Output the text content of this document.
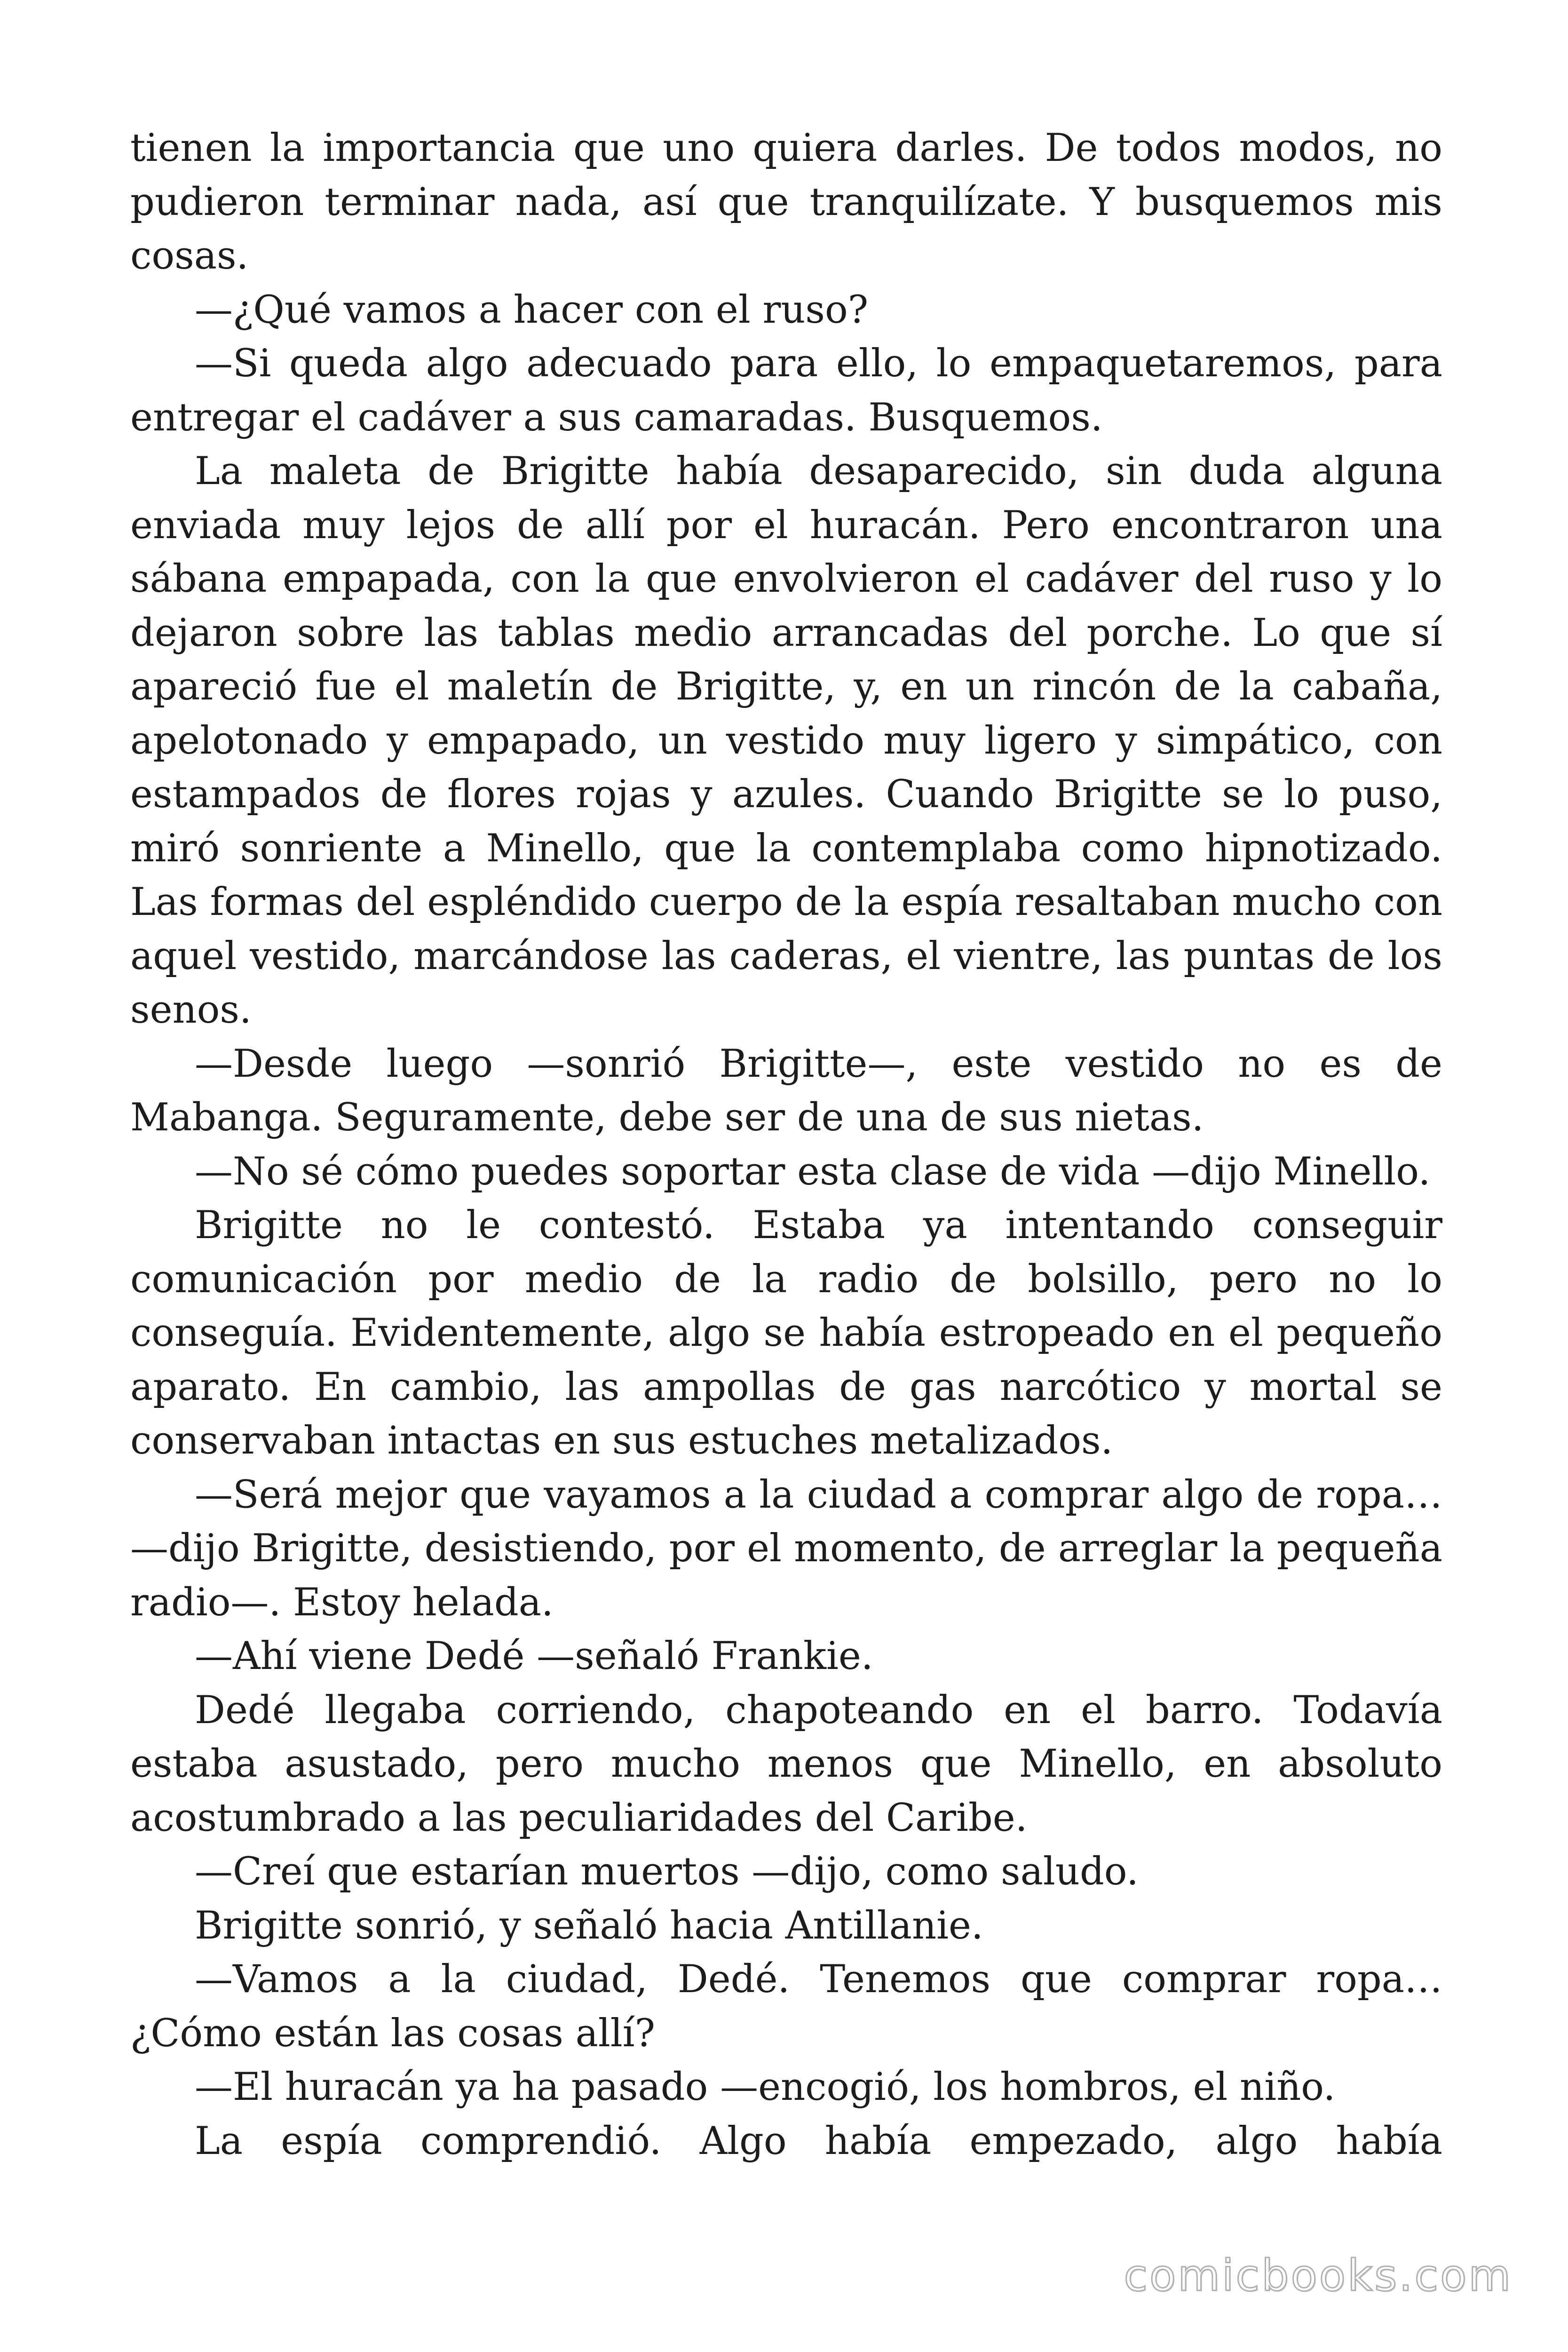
tienen la importancia que uno quiera darles. De todos modos, no pudieron terminar nada, así que tranquilízate. Y busquemos mis cosas.

—¿Qué vamos a hacer con el ruso?

—Si queda algo adecuado para ello, lo empaquetaremos, para entregar el cadáver a sus camaradas. Busquemos.

La maleta de Brigitte había desaparecido, sin duda alguna enviada muy lejos de allí por el huracán. Pero encontraron una sábana empapada, con la que envolvieron el cadáver del ruso y lo dejaron sobre las tablas medio arrancadas del porche. Lo que sí apareció fue el maletín de Brigitte, y, en un rincón de la cabaña, apelotonado y empapado, un vestido muy ligero y simpático, con estampados de flores rojas y azules. Cuando Brigitte se lo puso, miró sonriente a Minello, que la contemplaba como hipnotizado. Las formas del espléndido cuerpo de la espía resaltaban mucho con aquel vestido, marcándose las caderas, el vientre, las puntas de los senos.

—Desde luego —sonrió Brigitte—, este vestido no es de Mabanga. Seguramente, debe ser de una de sus nietas.

—No sé cómo puedes soportar esta clase de vida —dijo Minello.

Brigitte no le contestó. Estaba ya intentando conseguir comunicación por medio de la radio de bolsillo, pero no lo conseguía. Evidentemente, algo se había estropeado en el pequeño aparato. En cambio, las ampollas de gas narcótico y mortal se conservaban intactas en sus estuches metalizados.

—Será mejor que vayamos a la ciudad a comprar algo de ropa… —dijo Brigitte, desistiendo, por el momento, de arreglar la pequeña radio—. Estoy helada.

—Ahí viene Dedé —señaló Frankie.

Dedé llegaba corriendo, chapoteando en el barro. Todavía estaba asustado, pero mucho menos que Minello, en absoluto acostumbrado a las peculiaridades del Caribe.

—Creí que estarían muertos —dijo, como saludo.

Brigitte sonrió, y señaló hacia Antillanie.

—Vamos a la ciudad, Dedé. Tenemos que comprar ropa… ¿Cómo están las cosas allí?

—El huracán ya ha pasado —encogió, los hombros, el niño.

La espía comprendió. Algo había empezado, algo había

comicbooks.com
